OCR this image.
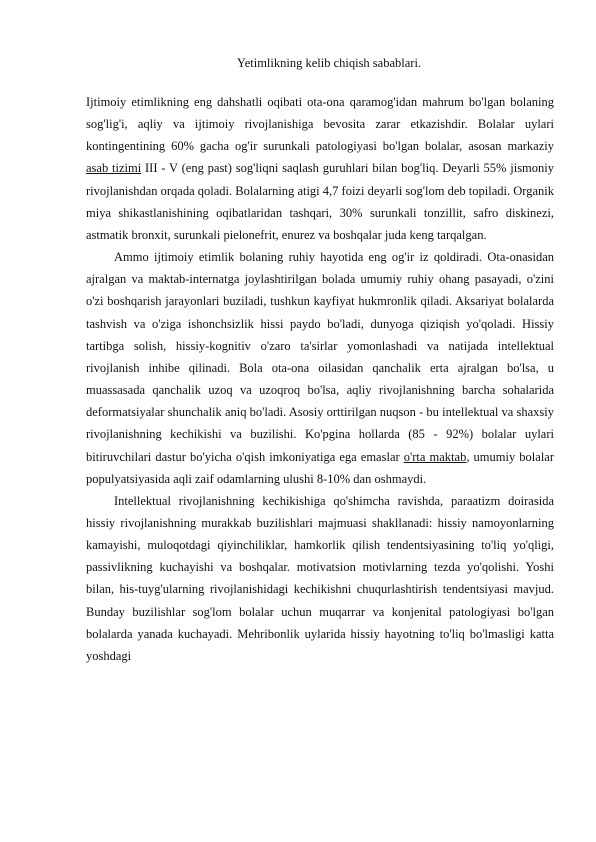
Yetimlikning kelib chiqish sabablari.

Ijtimoiy etimlikning eng dahshatli oqibati ota-ona qaramog'idan mahrum bo'lgan bolaning sog'lig'i, aqliy va ijtimoiy rivojlanishiga bevosita zarar etkazishdir. Bolalar uylari kontingentining 60% gacha og'ir surunkali patologiyasi bo'lgan bolalar, asosan markaziy asab tizimi III - V (eng past) sog'liqni saqlash guruhlari bilan bog'liq. Deyarli 55% jismoniy rivojlanishdan orqada qoladi. Bolalarning atigi 4,7 foizi deyarli sog'lom deb topiladi. Organik miya shikastlanishining oqibatlaridan tashqari, 30% surunkali tonzillit, safro diskinezi, astmatik bronxit, surunkali pielonefrit, enurez va boshqalar juda keng tarqalgan.

Ammo ijtimoiy etimlik bolaning ruhiy hayotida eng og'ir iz qoldiradi. Ota-onasidan ajralgan va maktab-internatga joylashtirilgan bolada umumiy ruhiy ohang pasayadi, o'zini o'zi boshqarish jarayonlari buziladi, tushkun kayfiyat hukmronlik qiladi. Aksariyat bolalarda tashvish va o'ziga ishonchsizlik hissi paydo bo'ladi, dunyoga qiziqish yo'qoladi. Hissiy tartibga solish, hissiy-kognitiv o'zaro ta'sirlar yomonlashadi va natijada intellektual rivojlanish inhibe qilinadi. Bola ota-ona oilasidan qanchalik erta ajralgan bo'lsa, u muassasada qanchalik uzoq va uzoqroq bo'lsa, aqliy rivojlanishning barcha sohalarida deformatsiyalar shunchalik aniq bo'ladi. Asosiy orttirilgan nuqson - bu intellektual va shaxsiy rivojlanishning kechikishi va buzilishi. Ko'pgina hollarda (85 - 92%) bolalar uylari bitiruvchilari dastur bo'yicha o'qish imkoniyatiga ega emaslar o'rta maktab, umumiy bolalar populyatsiyasida aqli zaif odamlarning ulushi 8-10% dan oshmaydi.

Intellektual rivojlanishning kechikishiga qo'shimcha ravishda, paraatizm doirasida hissiy rivojlanishning murakkab buzilishlari majmuasi shakllanadi: hissiy namoyonlarning kamayishi, muloqotdagi qiyinchiliklar, hamkorlik qilish tendentsiyasining to'liq yo'qligi, passivlikning kuchayishi va boshqalar. motivatsion motivlarning tezda yo'qolishi. Yoshi bilan, his-tuyg'ularning rivojlanishidagi kechikishni chuqurlashtirish tendentsiyasi mavjud. Bunday buzilishlar sog'lom bolalar uchun muqarrar va konjenital patologiyasi bo'lgan bolalarda yanada kuchayadi. Mehribonlik uylarida hissiy hayotning to'liq bo'lmasligi katta yoshdagi
